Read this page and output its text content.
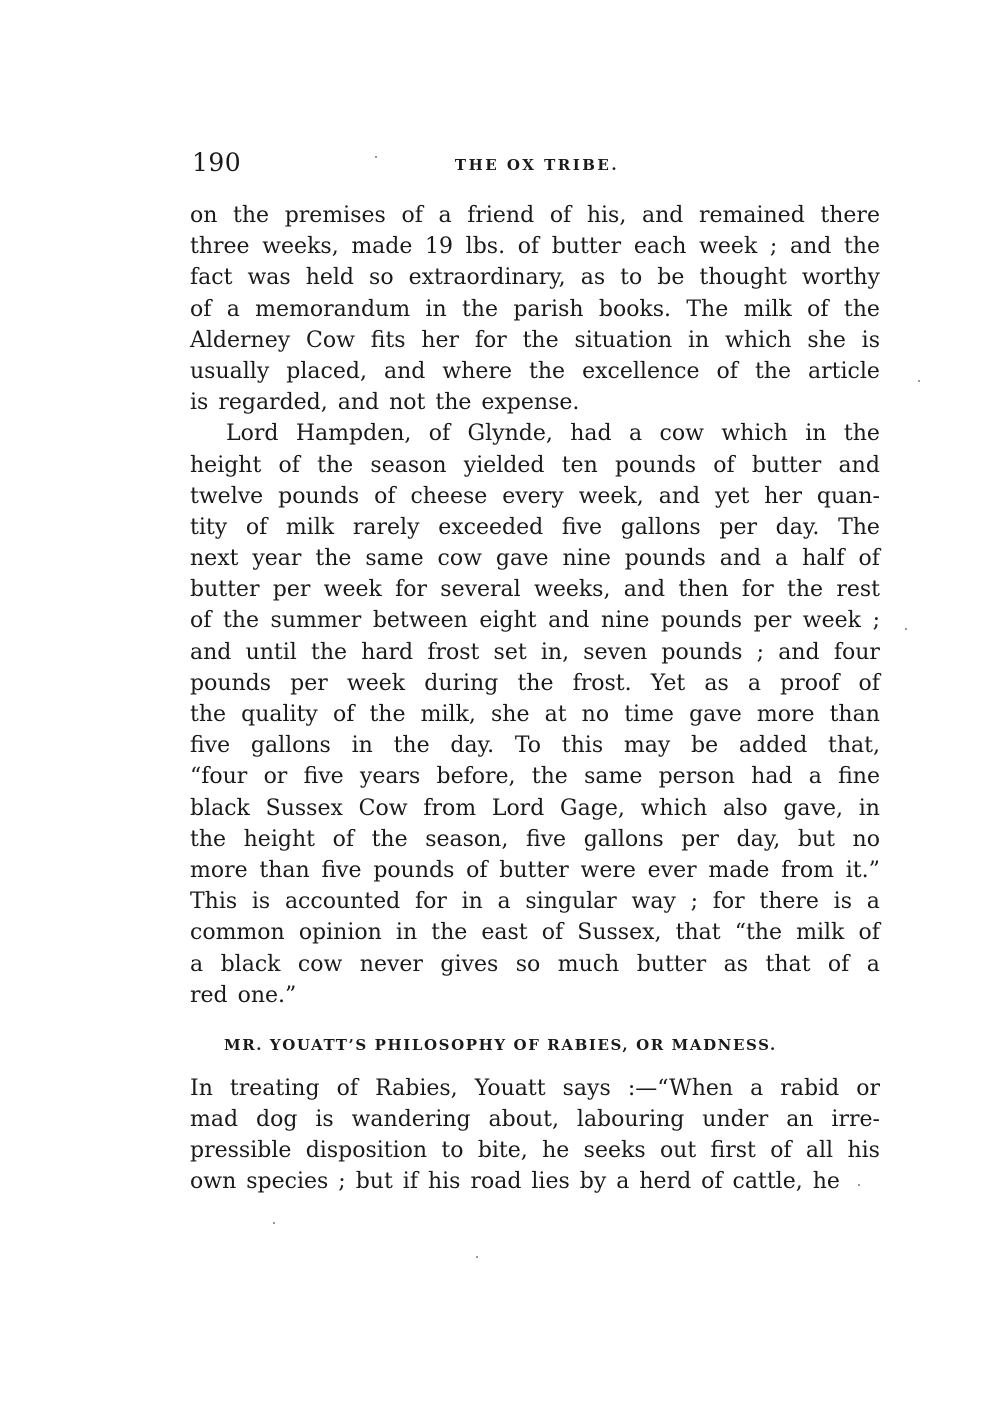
190	THE OX TRIBE.
on the premises of a friend of his, and remained there
three weeks, made 19 lbs. of butter each week ; and the
fact was held so extraordinary, as to be thought worthy
of a memorandum in the parish books. The milk of the
Alderney Cow fits her for the situation in which she is
usually placed, and where the excellence of the article
is regarded, and not the expense.
Lord Hampden, of Glynde, had a cow which in the
height of the season yielded ten pounds of butter and
twelve pounds of cheese every week, and yet her quan-
tity of milk rarely exceeded five gallons per day. The
next year the same cow gave nine pounds and a half of
butter per week for several weeks, and then for the rest
of the summer between eight and nine pounds per week ;
and until the hard frost set in, seven pounds ; and four
pounds per week during the frost. Yet as a proof of
the quality of the milk, she at no time gave more than
five gallons in the day. To this may be added that,
“four or five years before, the same person had a fine
black Sussex Cow from Lord Gage, which also gave, in
the height of the season, five gallons per day, but no
more than five pounds of butter were ever made from it.”
This is accounted for in a singular way ; for there is a
common opinion in the east of Sussex, that “the milk of
a black cow never gives so much butter as that of a
red one.”
MR. YOUATT’S PHILOSOPHY OF RABIES, OR MADNESS.
In treating of Rabies, Youatt says :—“When a rabid or
mad dog is wandering about, labouring under an irre-
pressible disposition to bite, he seeks out first of all his
own species ; but if his road lies by a herd of cattle, he
